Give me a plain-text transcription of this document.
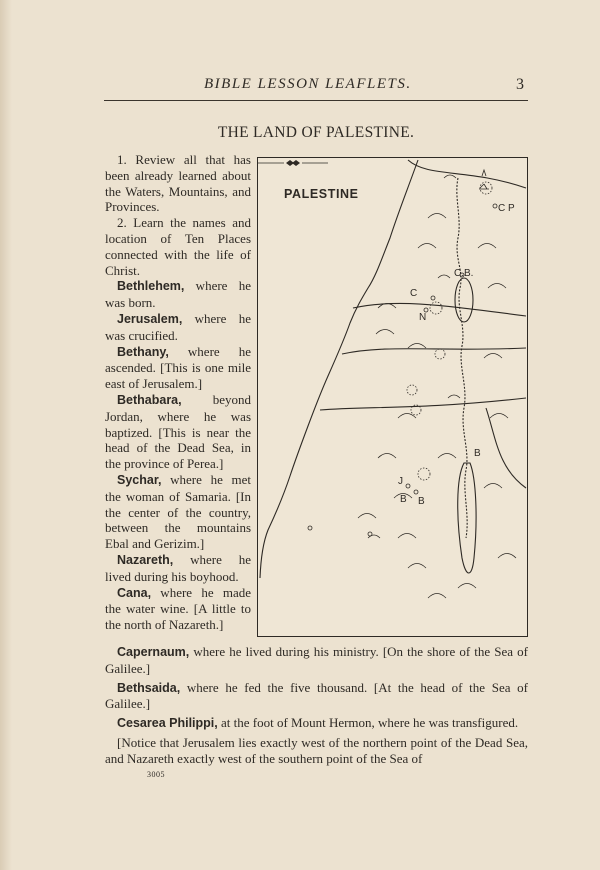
BIBLE LESSON LEAFLETS.	3
THE LAND OF PALESTINE.

1. Review all that has been already learned about the Waters, Mountains, and Provinces.

2. Learn the names and location of Ten Places connected with the life of Christ.

Bethlehem, where he was born.

Jerusalem, where he was crucified.

Bethany, where he ascended. [This is one mile east of Jerusalem.]

Bethabara, beyond Jordan, where he was baptized. [This is near the head of the Dead Sea, in the province of Perea.]

Sychar, where he met the woman of Samaria. [In the center of the country, between the mountains Ebal and Gerizim.]

Nazareth, where he lived during his boyhood.

Cana, where he made the water wine. [A little to the north of Nazareth.]

PALESTINE
C P
C.B.
C
N
B
J
B B

Capernaum, where he lived during his ministry. [On the shore of the Sea of Galilee.]

Bethsaida, where he fed the five thousand. [At the head of the Sea of Galilee.]

Cesarea Philippi, at the foot of Mount Hermon, where he was transfigured.

[Notice that Jerusalem lies exactly west of the northern point of the Dead Sea, and Nazareth exactly west of the southern point of the Sea of

3005
